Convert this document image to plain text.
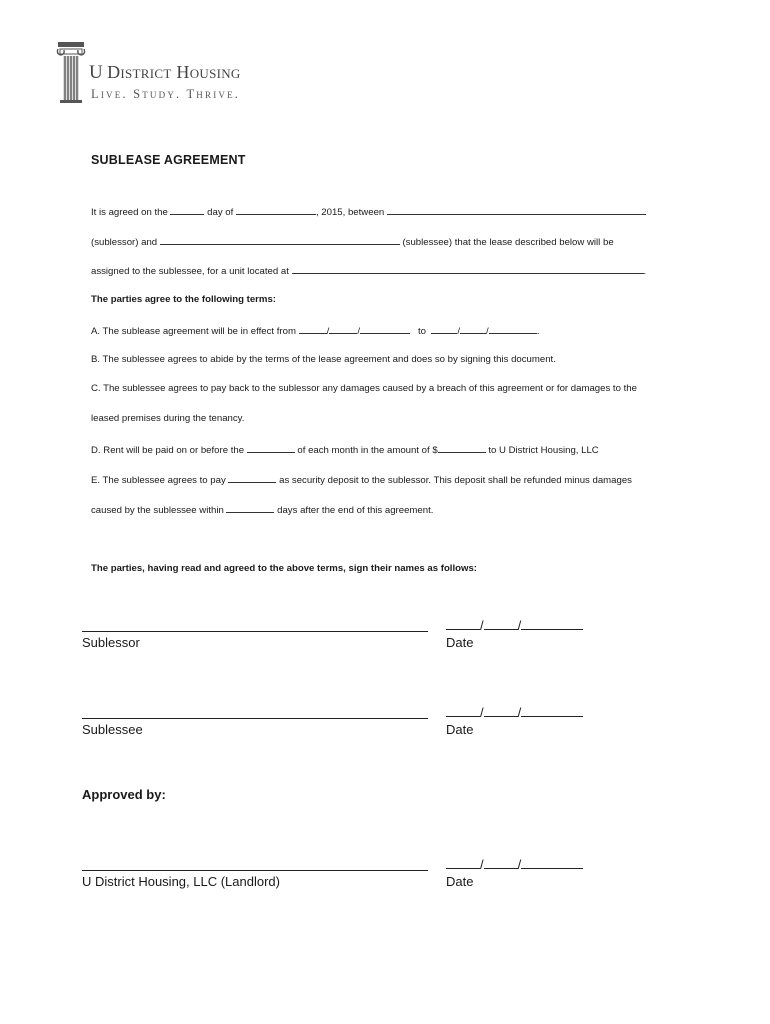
U District Housing
Live. Study. Thrive.
SUBLEASE AGREEMENT
It is agreed on the	day of	, 2015, between
(sublessor) and	(sublessee) that the lease described below will be
assigned to the sublessee, for a unit located at	.
The parties agree to the following terms:
A. The sublease agreement will be in effect from	/	/	to	/	/	.
B. The sublessee agrees to abide by the terms of the lease agreement and does so by signing this document.
C. The sublessee agrees to pay back to the sublessor any damages caused by a breach of this agreement or for damages to the
leased premises during the tenancy.
D. Rent will be paid on or before the	of each month in the amount of $	to U District Housing, LLC
E. The sublessee agrees to pay	as security deposit to the sublessor. This deposit shall be refunded minus damages
caused by the sublessee within	days after the end of this agreement.
The parties, having read and agreed to the above terms, sign their names as follows:
/	/
Sublessor	Date
/	/
Sublessee	Date
Approved by:
/	/
U District Housing, LLC (Landlord)	Date
